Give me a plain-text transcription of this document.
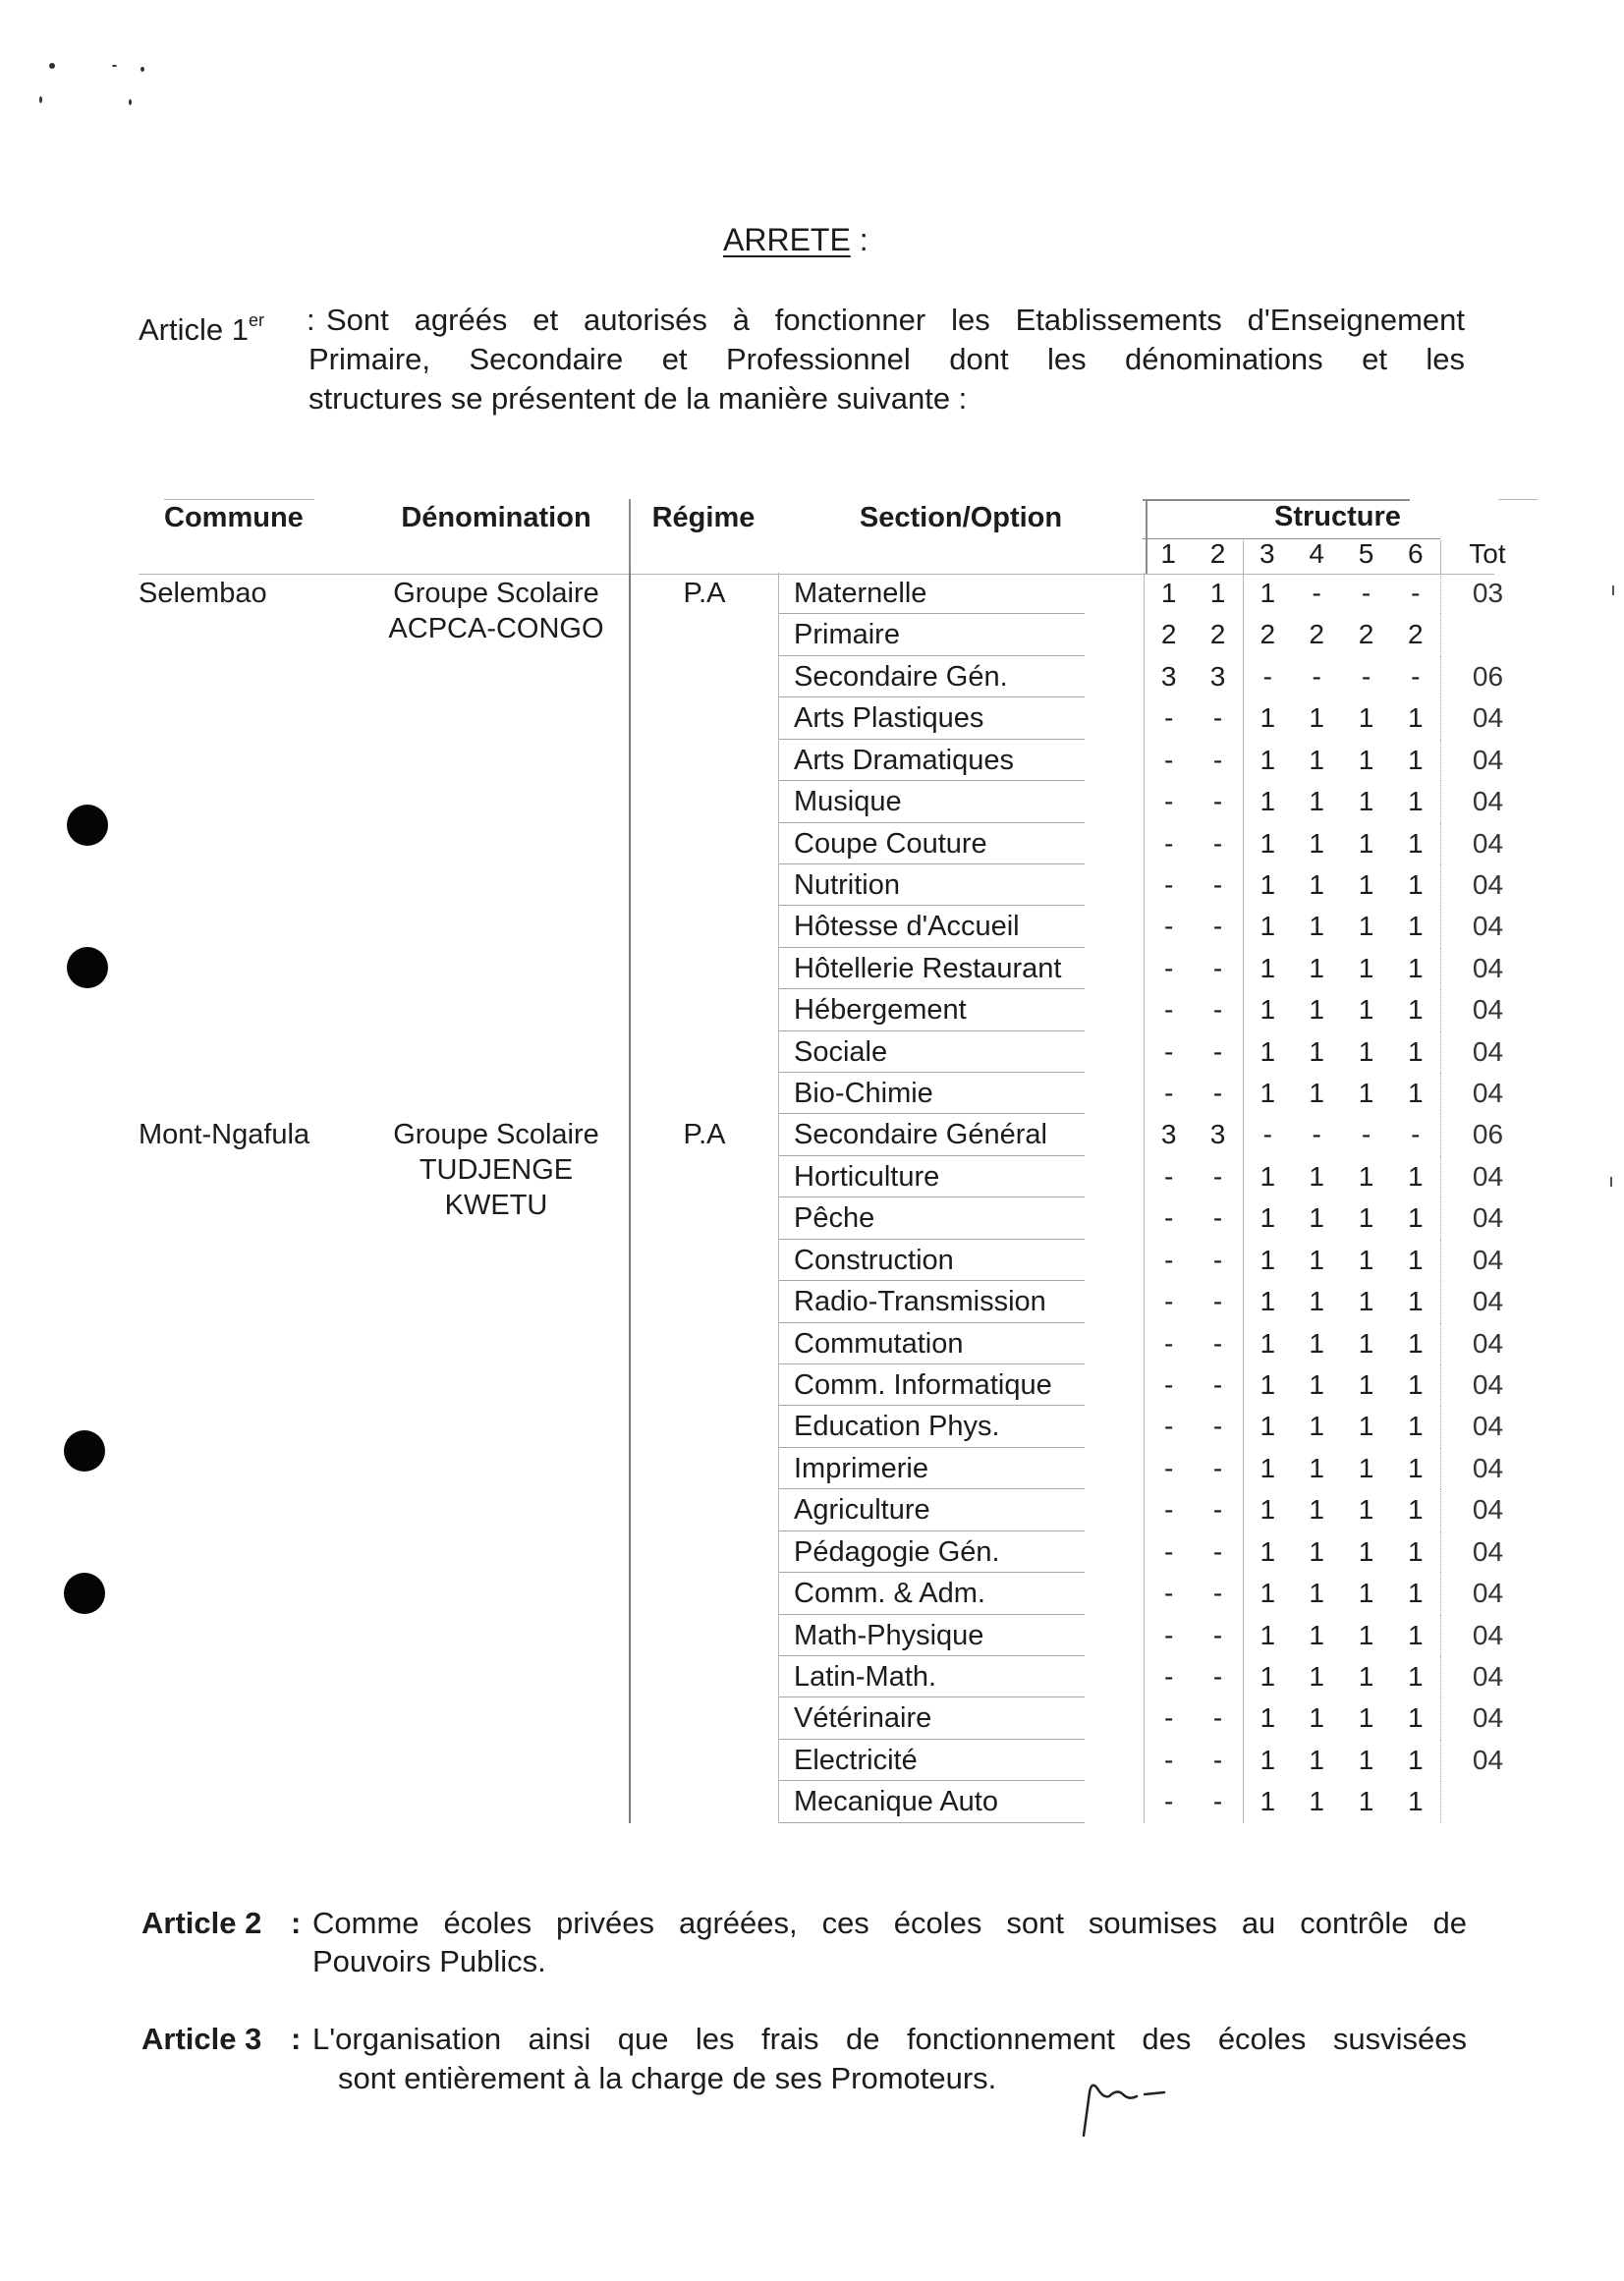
ARRETE :
Article 1er : Sont agréés et autorisés à fonctionner les Etablissements d'Enseignement
Primaire, Secondaire et Professionnel dont les dénominations et les
structures se présentent de la manière suivante :
Commune	Dénomination	Régime	Section/Option	Structure
1	2	3	4	5	6	Tot
Selembao	Groupe Scolaire
ACPCA-CONGO
P.A	Maternelle	1	1	1	-	-	-	03
Primaire	2	2	2	2	2	2
Secondaire Gén.	3	3	-	-	-	-	06
Arts Plastiques	-	-	1	1	1	1	04
Arts Dramatiques	-	-	1	1	1	1	04
Musique	-	-	1	1	1	1	04
Coupe Couture	-	-	1	1	1	1	04
Nutrition	-	-	1	1	1	1	04
Hôtesse d'Accueil	-	-	1	1	1	1	04
Hôtellerie Restaurant	-	-	1	1	1	1	04
Hébergement	-	-	1	1	1	1	04
Sociale	-	-	1	1	1	1	04
Bio-Chimie	-	-	1	1	1	1	04
Mont-Ngafula	Groupe Scolaire
TUDJENGE
KWETU
P.A	Secondaire Général	3	3	-	-	-	-	06
Horticulture	-	-	1	1	1	1	04
Pêche	-	-	1	1	1	1	04
Construction	-	-	1	1	1	1	04
Radio-Transmission	-	-	1	1	1	1	04
Commutation	-	-	1	1	1	1	04
Comm. Informatique	-	-	1	1	1	1	04
Education Phys.	-	-	1	1	1	1	04
Imprimerie	-	-	1	1	1	1	04
Agriculture	-	-	1	1	1	1	04
Pédagogie Gén.	-	-	1	1	1	1	04
Comm. & Adm.	-	-	1	1	1	1	04
Math-Physique	-	-	1	1	1	1	04
Latin-Math.	-	-	1	1	1	1	04
Vétérinaire	-	-	1	1	1	1	04
Electricité	-	-	1	1	1	1	04
Mecanique Auto	-	-	1	1	1	1
Article 2 : Comme écoles privées agréées, ces écoles sont soumises au contrôle de
Pouvoirs Publics.
Article 3 : L'organisation ainsi que les frais de fonctionnement des écoles susvisées
sont entièrement à la charge de ses Promoteurs.
